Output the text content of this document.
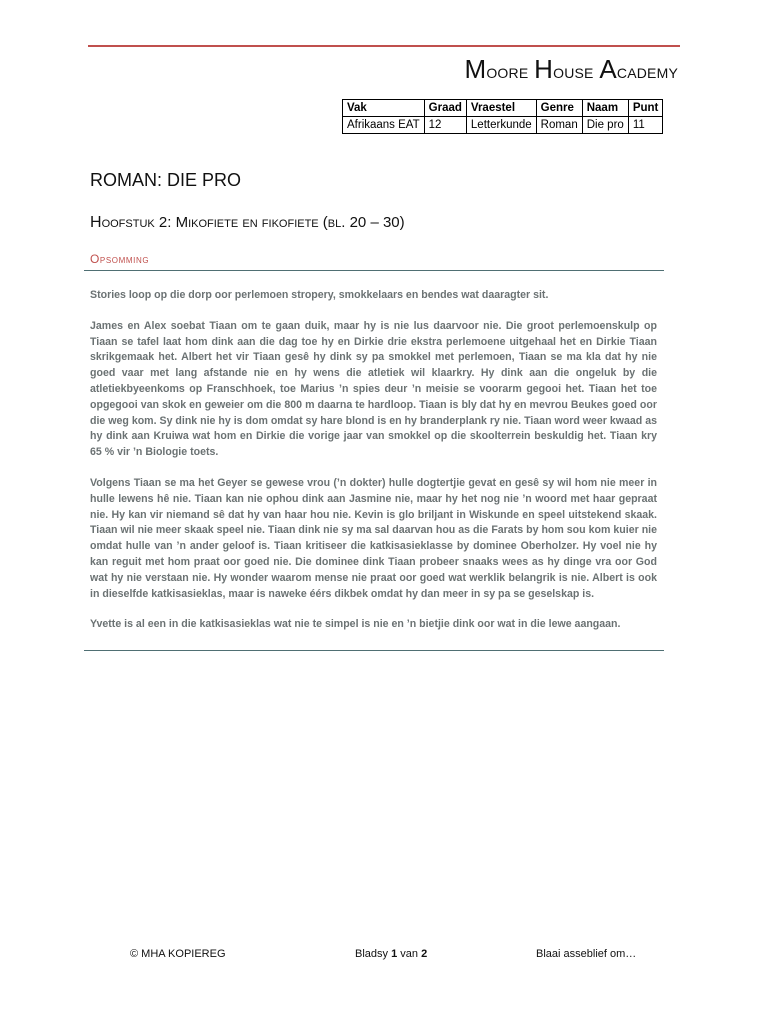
Moore House Academy
Vak	Graad	Vraestel	Genre	Naam	Punt
Afrikaans EAT	12	Letterkunde	Roman	Die pro	11
ROMAN: DIE PRO
Hoofstuk 2: Mikofiete en fikofiete (bl. 20 – 30)
Opsomming

Stories loop op die dorp oor perlemoen stropery, smokkelaars en bendes wat daaragter sit.

James en Alex soebat Tiaan om te gaan duik, maar hy is nie lus daarvoor nie. Die groot perlemoenskulp op Tiaan se tafel laat hom dink aan die dag toe hy en Dirkie drie ekstra perlemoene uitgehaal het en Dirkie Tiaan skrikgemaak het. Albert het vir Tiaan gesê hy dink sy pa smokkel met perlemoen, Tiaan se ma kla dat hy nie goed vaar met lang afstande nie en hy wens die atletiek wil klaarkry. Hy dink aan die ongeluk by die atletiekbyeenkoms op Franschhoek, toe Marius ’n spies deur ’n meisie se voorarm gegooi het. Tiaan het toe opgegooi van skok en geweier om die 800 m daarna te hardloop. Tiaan is bly dat hy en mevrou Beukes goed oor die weg kom. Sy dink nie hy is dom omdat sy hare blond is en hy branderplank ry nie. Tiaan word weer kwaad as hy dink aan Kruiwa wat hom en Dirkie die vorige jaar van smokkel op die skoolterrein beskuldig het. Tiaan kry 65 % vir ’n Biologie toets.

Volgens Tiaan se ma het Geyer se gewese vrou (’n dokter) hulle dogtertjie gevat en gesê sy wil hom nie meer in hulle lewens hê nie. Tiaan kan nie ophou dink aan Jasmine nie, maar hy het nog nie ’n woord met haar gepraat nie. Hy kan vir niemand sê dat hy van haar hou nie. Kevin is glo briljant in Wiskunde en speel uitstekend skaak. Tiaan wil nie meer skaak speel nie. Tiaan dink nie sy ma sal daarvan hou as die Farats by hom sou kom kuier nie omdat hulle van ’n ander geloof is. Tiaan kritiseer die katkisasieklasse by dominee Oberholzer. Hy voel nie hy kan reguit met hom praat oor goed nie. Die dominee dink Tiaan probeer snaaks wees as hy dinge vra oor God wat hy nie verstaan nie. Hy wonder waarom mense nie praat oor goed wat werklik belangrik is nie. Albert is ook in dieselfde katkisasieklas, maar is naweke éérs dikbek omdat hy dan meer in sy pa se geselskap is.

Yvette is al een in die katkisasieklas wat nie te simpel is nie en ’n bietjie dink oor wat in die lewe aangaan.

© MHA KOPIEREG	Bladsy 1 van 2	Blaai asseblief om…
